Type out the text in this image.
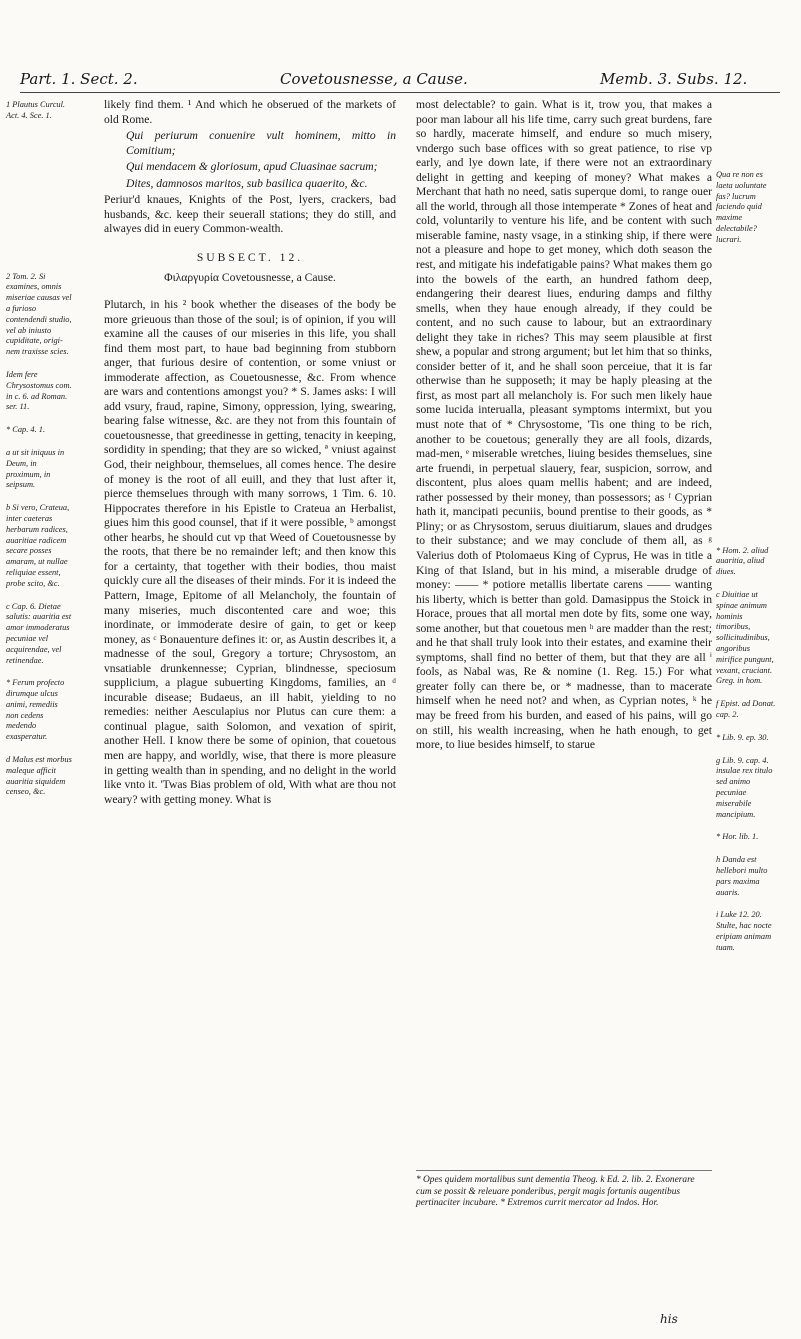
Part. 1. Sect. 2.	Covetousnesse, a Cause.	Memb. 3. Subs. 12.

1 Plautus Curcul. Act. 4. Sce. 1.

2 Tom. 2. Si examines, omnis miseriae causas vel a furioso contendendi studio, vel ab iniusto cupiditate, origi- nem traxisse scies.

Idem fere Chrysostomus com. in c. 6. ad Roman. ser. 11.

* Cap. 4. 1.

a ut sit iniquus in Deum, in proximum, in seipsum.

b Si vero, Crateua, inter caeteras herbarum radices, auaritiae radicem secare posses amaram, ut nullae reliquiae essent, probe scito, &c.

c Cap. 6. Dietae salutis: auaritia est amor immoderatus pecuniae vel acquirendae, vel retinendae.

* Ferum profecto dirumque ulcus animi, remediis non cedens medendo exasperatur.

d Malus est morbus maleque afficit auaritia siquidem censeo, &c.

likely find them. ¹ And which he obserued of the markets of old Rome.

Qui periurum conuenire vult hominem, mitto in Comitium;

Qui mendacem & gloriosum, apud Cluasinae sacrum;

Dites, damnosos maritos, sub basilica quaerito, &c.

Periur'd knaues, Knights of the Post, lyers, crackers, bad husbands, &c. keep their seuerall stations; they do still, and alwayes did in euery Common-wealth.

SUBSECT. 12.

Φιλαργυρία Covetousnesse, a Cause.

Plutarch, in his ² book whether the diseases of the body be more grieuous than those of the soul; is of opinion, if you will examine all the causes of our miseries in this life, you shall find them most part, to haue bad beginning from stubborn anger, that furious desire of contention, or some vniust or immoderate affection, as Couetousnesse, &c. From whence are wars and contentions amongst you? * S. James asks: I will add vsury, fraud, rapine, Simony, oppression, lying, swearing, bearing false witnesse, &c. are they not from this fountain of couetousnesse, that greedinesse in getting, tenacity in keeping, sordidity in spending; that they are so wicked, ª vniust against God, their neighbour, themselues, all comes hence. The desire of money is the root of all euill, and they that lust after it, pierce themselues through with many sorrows, 1 Tim. 6. 10. Hippocrates therefore in his Epistle to Crateua an Herbalist, giues him this good counsel, that if it were possible, ᵇ amongst other hearbs, he should cut vp that Weed of Couetousnesse by the roots, that there be no remainder left; and then know this for a certainty, that together with their bodies, thou maist quickly cure all the diseases of their minds. For it is indeed the Pattern, Image, Epitome of all Melancholy, the fountain of many miseries, much discontented care and woe; this inordinate, or immoderate desire of gain, to get or keep money, as ᶜ Bonauenture defines it: or, as Austin describes it, a madnesse of the soul, Gregory a torture; Chrysostom, an vnsatiable drunkennesse; Cyprian, blindnesse, speciosum supplicium, a plague subuerting Kingdoms, families, an ᵈ incurable disease; Budaeus, an ill habit, yielding to no remedies: neither Aesculapius nor Plutus can cure them: a continual plague, saith Solomon, and vexation of spirit, another Hell. I know there be some of opinion, that couetous men are happy, and worldly, wise, that there is more pleasure in getting wealth than in spending, and no delight in the world like vnto it. 'Twas Bias problem of old, With what are thou not weary? with getting money. What is

most delectable? to gain. What is it, trow you, that makes a poor man labour all his life time, carry such great burdens, fare so hardly, macerate himself, and endure so much misery, vndergo such base offices with so great patience, to rise vp early, and lye down late, if there were not an extraordinary delight in getting and keeping of money? What makes a Merchant that hath no need, satis superque domi, to range ouer all the world, through all those intemperate * Zones of heat and cold, voluntarily to venture his life, and be content with such miserable famine, nasty vsage, in a stinking ship, if there were not a pleasure and hope to get money, which doth season the rest, and mitigate his indefatigable pains? What makes them go into the bowels of the earth, an hundred fathom deep, endangering their dearest liues, enduring damps and filthy smells, when they haue enough already, if they could be content, and no such cause to labour, but an extraordinary delight they take in riches? This may seem plausible at first shew, a popular and strong argument; but let him that so thinks, consider better of it, and he shall soon perceiue, that it is far otherwise than he supposeth; it may be haply pleasing at the first, as most part all melancholy is. For such men likely haue some lucida interualla, pleasant symptoms intermixt, but you must note that of * Chrysostome, 'Tis one thing to be rich, another to be couetous; generally they are all fools, dizards, mad-men, ᵉ miserable wretches, liuing besides themselues, sine arte fruendi, in perpetual slauery, fear, suspicion, sorrow, and discontent, plus aloes quam mellis habent; and are indeed, rather possessed by their money, than possessors; as ᶠ Cyprian hath it, mancipati pecuniis, bound prentise to their goods, as * Pliny; or as Chrysostom, seruus diuitiarum, slaues and drudges to their substance; and we may conclude of them all, as ᵍ Valerius doth of Ptolomaeus King of Cyprus, He was in title a King of that Island, but in his mind, a miserable drudge of money: —— * potiore metallis libertate carens —— wanting his liberty, which is better than gold. Damasippus the Stoick in Horace, proues that all mortal men dote by fits, some one way, some another, but that couetous men ʰ are madder than the rest; and he that shall truly look into their estates, and examine their symptoms, shall find no better of them, but that they are all ⁱ fools, as Nabal was, Re & nomine (1. Reg. 15.) For what greater folly can there be, or * madnesse, than to macerate himself when he need not? and when, as Cyprian notes, ᵏ he may be freed from his burden, and eased of his pains, will go on still, his wealth increasing, when he hath enough, to get more, to liue besides himself, to staruе

Qua re non es laeta uoluntate fas? lucrum faciendo quid maxime delectabile? lucrari.

* Hom. 2. aliud auaritia, aliud diues.

c Diuitiae ut spinae animum hominis timoribus, sollicitudinibus, angoribus mirifice pungunt, vexant, cruciant. Greg. in hom.

f Epist. ad Donat. cap. 2.

* Lib. 9. ep. 30.

g Lib. 9. cap. 4. insulae rex titulo sed animo pecuniae miserabile mancipium.

* Hor. lib. 1.

h Danda est hellebori multo pars maxima auaris.

i Luke 12. 20. Stulte, hac nocte eripiam animam tuam.

* Opes quidem mortalibus sunt dementia Theog. k Ed. 2. lib. 2. Exonerare cum se possit & releuare ponderibus, pergit magis fortunis augentibus pertinaciter incubare. * Extremos currit mercator ad Indos. Hor.
his
